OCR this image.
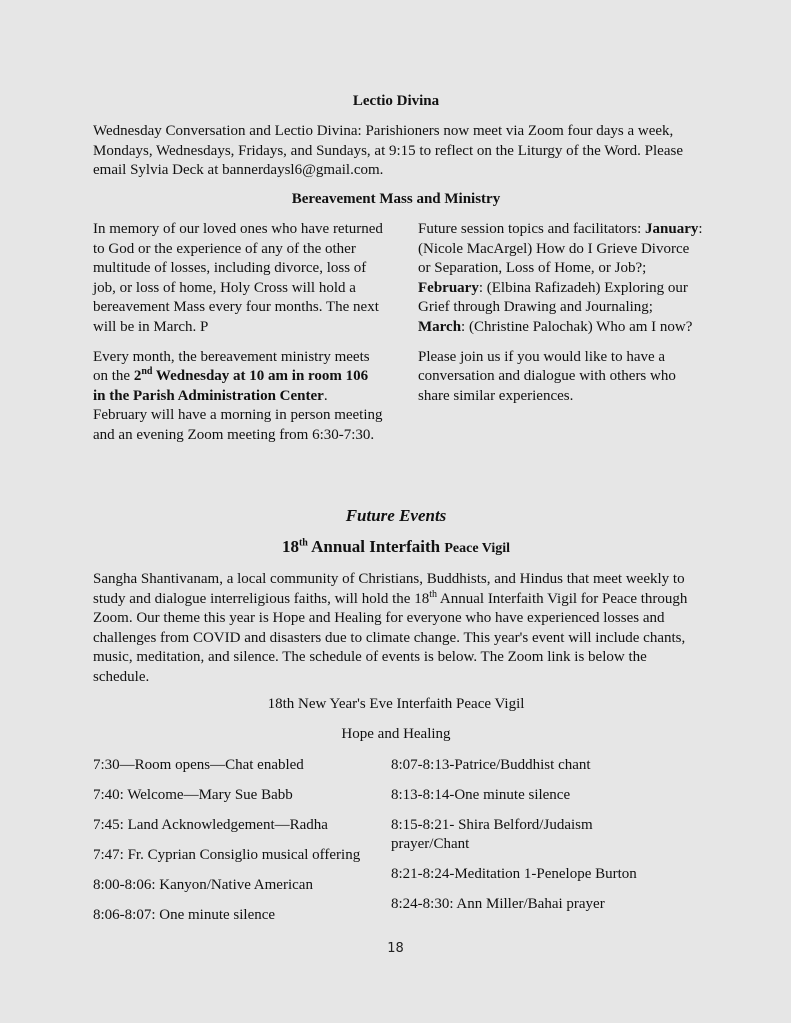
Lectio Divina

Wednesday Conversation and Lectio Divina: Parishioners now meet via Zoom four days a week, Mondays, Wednesdays, Fridays, and Sundays, at 9:15 to reflect on the Liturgy of the Word. Please email Sylvia Deck at bannerdaysl6@gmail.com.

Bereavement Mass and Ministry

In memory of our loved ones who have returned to God or the experience of any of the other multitude of losses, including divorce, loss of job, or loss of home, Holy Cross will hold a bereavement Mass every four months. The next will be in March. P

Every month, the bereavement ministry meets on the 2nd Wednesday at 10 am in room 106 in the Parish Administration Center. February will have a morning in person meeting and an evening Zoom meeting from 6:30-7:30.

Future session topics and facilitators: January: (Nicole MacArgel) How do I Grieve Divorce or Separation, Loss of Home, or Job?; February: (Elbina Rafizadeh) Exploring our Grief through Drawing and Journaling; March: (Christine Palochak) Who am I now?

Please join us if you would like to have a conversation and dialogue with others who share similar experiences.

Future Events
18th Annual Interfaith Peace Vigil

Sangha Shantivanam, a local community of Christians, Buddhists, and Hindus that meet weekly to study and dialogue interreligious faiths, will hold the 18th Annual Interfaith Vigil for Peace through Zoom. Our theme this year is Hope and Healing for everyone who have experienced losses and challenges from COVID and disasters due to climate change. This year's event will include chants, music, meditation, and silence. The schedule of events is below. The Zoom link is below the schedule.

18th New Year's Eve Interfaith Peace Vigil
Hope and Healing
7:30—Room opens—Chat enabled
7:40: Welcome—Mary Sue Babb
7:45: Land Acknowledgement—Radha
7:47: Fr. Cyprian Consiglio musical offering
8:00-8:06: Kanyon/Native American
8:06-8:07: One minute silence
8:07-8:13-Patrice/Buddhist chant
8:13-8:14-One minute silence
8:15-8:21- Shira Belford/Judaism prayer/Chant
8:21-8:24-Meditation 1-Penelope Burton
8:24-8:30: Ann Miller/Bahai prayer
18
